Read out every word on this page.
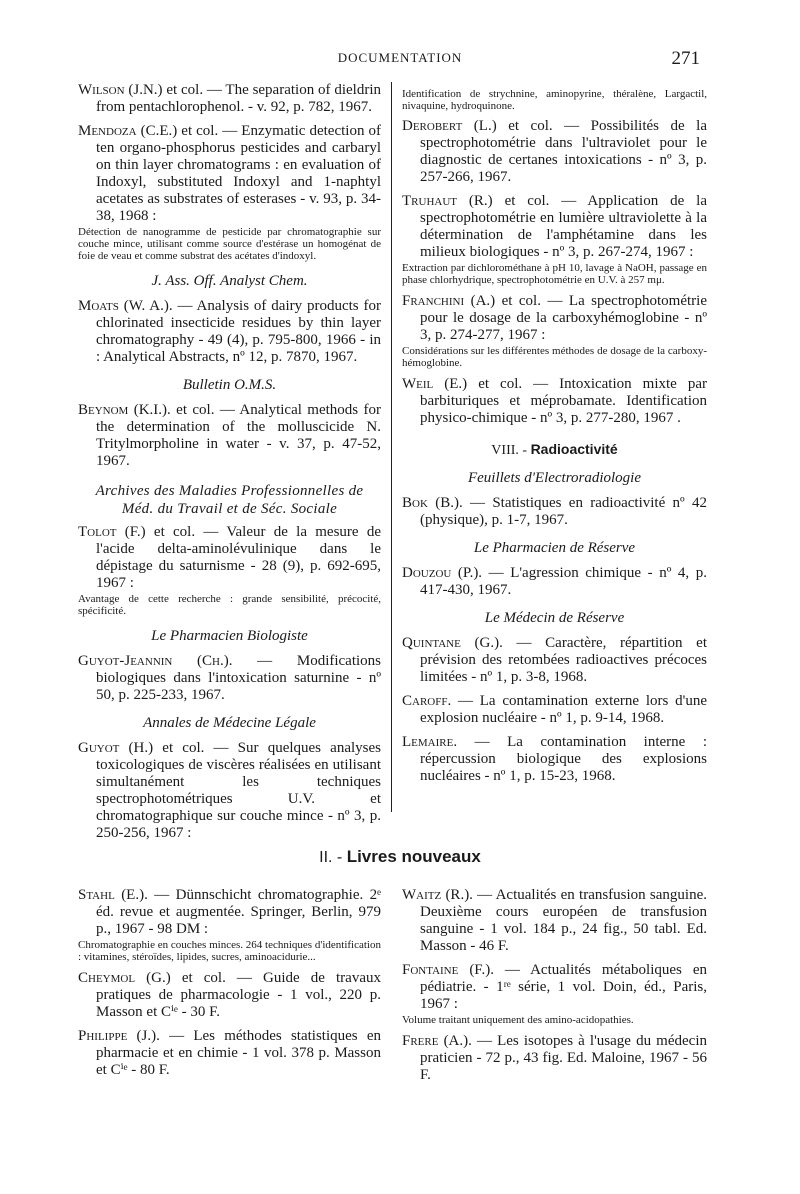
DOCUMENTATION	271
Wilson (J.N.) et col. — The separation of dieldrin from pentachlorophenol. - v. 92, p. 782, 1967.
Mendoza (C.E.) et col. — Enzymatic detection of ten organo-phosphorus pesticides and carbaryl on thin layer chromatograms : en evaluation of Indoxyl, substituted Indoxyl and 1-naphtyl acetates as substrates of esterases - v. 93, p. 34-38, 1968 :
Détection de nanogramme de pesticide par chromatographie sur couche mince, utilisant comme source d'estérase un homogénat de foie de veau et comme substrat des acétates d'indoxyl.
J. Ass. Off. Analyst Chem.
Moats (W. A.). — Analysis of dairy products for chlorinated insecticide residues by thin layer chromatography - 49 (4), p. 795-800, 1966 - in : Analytical Abstracts, nº 12, p. 7870, 1967.
Bulletin O.M.S.
Beynom (K.I.). et col. — Analytical methods for the determination of the molluscicide N. Tritylmorpholine in water - v. 37, p. 47-52, 1967.
Archives des Maladies Professionnelles de Méd. du Travail et de Séc. Sociale
Tolot (F.) et col. — Valeur de la mesure de l'acide delta-aminolévulinique dans le dépistage du saturnisme - 28 (9), p. 692-695, 1967 :
Avantage de cette recherche : grande sensibilité, précocité, spécificité.
Le Pharmacien Biologiste
Guyot-Jeannin (Ch.). — Modifications biologiques dans l'intoxication saturnine - nº 50, p. 225-233, 1967.
Annales de Médecine Légale
Guyot (H.) et col. — Sur quelques analyses toxicologiques de viscères réalisées en utilisant simultanément les techniques spectrophotométriques U.V. et chromatographique sur couche mince - nº 3, p. 250-256, 1967 :
Identification de strychnine, aminopyrine, théralène, Largactil, nivaquine, hydroquinone.
Derobert (L.) et col. — Possibilités de la spectrophotométrie dans l'ultraviolet pour le diagnostic de certanes intoxications - nº 3, p. 257-266, 1967.
Truhaut (R.) et col. — Application de la spectrophotométrie en lumière ultraviolette à la détermination de l'amphétamine dans les milieux biologiques - nº 3, p. 267-274, 1967 :
Extraction par dichlorométhane à pH 10, lavage à NaOH, passage en phase chlorhydrique, spectrophotométrie en U.V. à 257 mμ.
Franchini (A.) et col. — La spectrophotométrie pour le dosage de la carboxyhémoglobine - nº 3, p. 274-277, 1967 :
Considérations sur les différentes méthodes de dosage de la carboxy-hémoglobine.
Weil (E.) et col. — Intoxication mixte par barbituriques et méprobamate. Identification physico-chimique - nº 3, p. 277-280, 1967 .
VIII. - Radioactivité
Feuillets d'Electroradiologie
Bok (B.). — Statistiques en radioactivité nº 42 (physique), p. 1-7, 1967.
Le Pharmacien de Réserve
Douzou (P.). — L'agression chimique - nº 4, p. 417-430, 1967.
Le Médecin de Réserve
Quintane (G.). — Caractère, répartition et prévision des retombées radioactives précoces limitées - nº 1, p. 3-8, 1968.
Caroff. — La contamination externe lors d'une explosion nucléaire - nº 1, p. 9-14, 1968.
Lemaire. — La contamination interne : répercussion biologique des explosions nucléaires - nº 1, p. 15-23, 1968.
II. - Livres nouveaux
Stahl (E.). — Dünnschicht chromatographie. 2ᵉ éd. revue et augmentée. Springer, Berlin, 979 p., 1967 - 98 DM :
Chromatographie en couches minces. 264 techniques d'identification : vitamines, stéroïdes, lipides, sucres, aminoacidurie...
Cheymol (G.) et col. — Guide de travaux pratiques de pharmacologie - 1 vol., 220 p. Masson et Cⁱᵉ - 30 F.
Philippe (J.). — Les méthodes statistiques en pharmacie et en chimie - 1 vol. 378 p. Masson et Cⁱᵉ - 80 F.
Waitz (R.). — Actualités en transfusion sanguine. Deuxième cours européen de transfusion sanguine - 1 vol. 184 p., 24 fig., 50 tabl. Ed. Masson - 46 F.
Fontaine (F.). — Actualités métaboliques en pédiatrie. - 1ʳᵉ série, 1 vol. Doin, éd., Paris, 1967 :
Volume traitant uniquement des amino-acidopathies.
Frere (A.). — Les isotopes à l'usage du médecin praticien - 72 p., 43 fig. Ed. Maloine, 1967 - 56 F.
